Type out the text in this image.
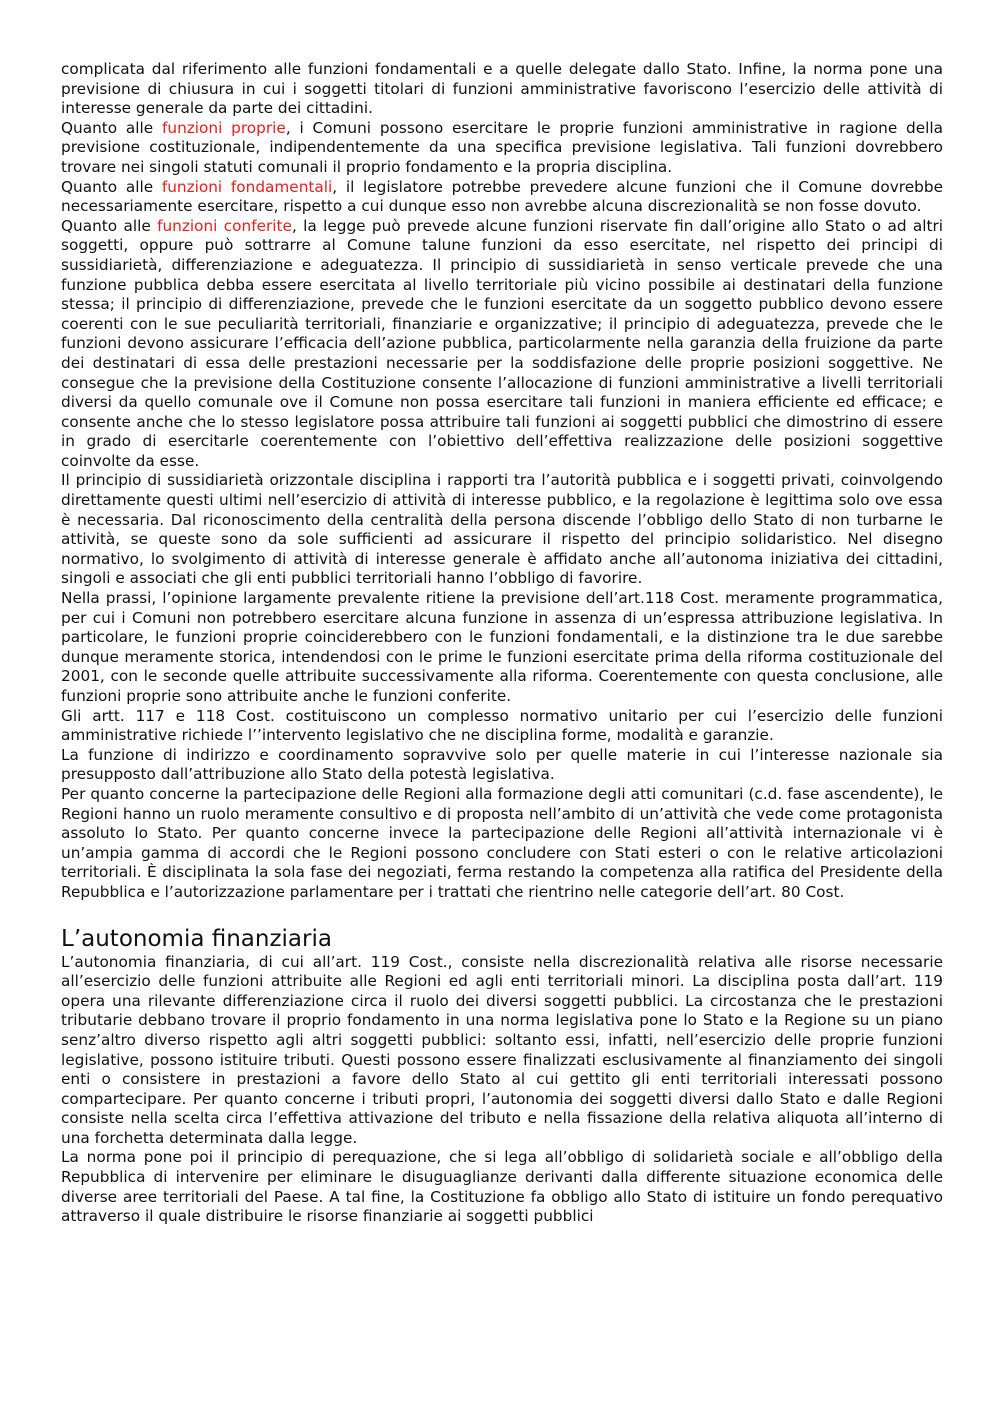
complicata dal riferimento alle funzioni fondamentali e a quelle delegate dallo Stato. Infine, la norma pone una previsione di chiusura in cui i soggetti titolari di funzioni amministrative favoriscono l’esercizio delle attività di interesse generale da parte dei cittadini.

Quanto alle funzioni proprie, i Comuni possono esercitare le proprie funzioni amministrative in ragione della previsione costituzionale, indipendentemente da una specifica previsione legislativa. Tali funzioni dovrebbero trovare nei singoli statuti comunali il proprio fondamento e la propria disciplina.

Quanto alle funzioni fondamentali, il legislatore potrebbe prevedere alcune funzioni che il Comune dovrebbe necessariamente esercitare, rispetto a cui dunque esso non avrebbe alcuna discrezionalità se non fosse dovuto.

Quanto alle funzioni conferite, la legge può prevede alcune funzioni riservate fin dall’origine allo Stato o ad altri soggetti, oppure può sottrarre al Comune talune funzioni da esso esercitate, nel rispetto dei principi di sussidiarietà, differenziazione e adeguatezza. Il principio di sussidiarietà in senso verticale prevede che una funzione pubblica debba essere esercitata al livello territoriale più vicino possibile ai destinatari della funzione stessa; il principio di differenziazione, prevede che le funzioni esercitate da un soggetto pubblico devono essere coerenti con le sue peculiarità territoriali, finanziarie e organizzative; il principio di adeguatezza, prevede che le funzioni devono assicurare l’efficacia dell’azione pubblica, particolarmente nella garanzia della fruizione da parte dei destinatari di essa delle prestazioni necessarie per la soddisfazione delle proprie posizioni soggettive. Ne consegue che la previsione della Costituzione consente l’allocazione di funzioni amministrative a livelli territoriali diversi da quello comunale ove il Comune non possa esercitare tali funzioni in maniera efficiente ed efficace; e consente anche che lo stesso legislatore possa attribuire tali funzioni ai soggetti pubblici che dimostrino di essere in grado di esercitarle coerentemente con l’obiettivo dell’effettiva realizzazione delle posizioni soggettive coinvolte da esse.

Il principio di sussidiarietà orizzontale disciplina i rapporti tra l’autorità pubblica e i soggetti privati, coinvolgendo direttamente questi ultimi nell’esercizio di attività di interesse pubblico, e la regolazione è legittima solo ove essa è necessaria. Dal riconoscimento della centralità della persona discende l’obbligo dello Stato di non turbarne le attività, se queste sono da sole sufficienti ad assicurare il rispetto del principio solidaristico. Nel disegno normativo, lo svolgimento di attività di interesse generale è affidato anche all’autonoma iniziativa dei cittadini, singoli e associati che gli enti pubblici territoriali hanno l’obbligo di favorire.

Nella prassi, l’opinione largamente prevalente ritiene la previsione dell’art.118 Cost. meramente programmatica, per cui i Comuni non potrebbero esercitare alcuna funzione in assenza di un’espressa attribuzione legislativa. In particolare, le funzioni proprie coinciderebbero con le funzioni fondamentali, e la distinzione tra le due sarebbe dunque meramente storica, intendendosi con le prime le funzioni esercitate prima della riforma costituzionale del 2001, con le seconde quelle attribuite successivamente alla riforma. Coerentemente con questa conclusione, alle funzioni proprie sono attribuite anche le funzioni conferite.

Gli artt. 117 e 118 Cost. costituiscono un complesso normativo unitario per cui l’esercizio delle funzioni amministrative richiede l’’intervento legislativo che ne disciplina forme, modalità e garanzie.

La funzione di indirizzo e coordinamento sopravvive solo per quelle materie in cui l’interesse nazionale sia presupposto dall’attribuzione allo Stato della potestà legislativa.

Per quanto concerne la partecipazione delle Regioni alla formazione degli atti comunitari (c.d. fase ascendente), le Regioni hanno un ruolo meramente consultivo e di proposta nell’ambito di un’attività che vede come protagonista assoluto lo Stato. Per quanto concerne invece la partecipazione delle Regioni all’attività internazionale vi è un’ampia gamma di accordi che le Regioni possono concludere con Stati esteri o con le relative articolazioni territoriali. È disciplinata la sola fase dei negoziati, ferma restando la competenza alla ratifica del Presidente della Repubblica e l’autorizzazione parlamentare per i trattati che rientrino nelle categorie dell’art. 80 Cost.

L’autonomia finanziaria

L’autonomia finanziaria, di cui all’art. 119 Cost., consiste nella discrezionalità relativa alle risorse necessarie all’esercizio delle funzioni attribuite alle Regioni ed agli enti territoriali minori. La disciplina posta dall’art. 119 opera una rilevante differenziazione circa il ruolo dei diversi soggetti pubblici. La circostanza che le prestazioni tributarie debbano trovare il proprio fondamento in una norma legislativa pone lo Stato e la Regione su un piano senz’altro diverso rispetto agli altri soggetti pubblici: soltanto essi, infatti, nell’esercizio delle proprie funzioni legislative, possono istituire tributi. Questi possono essere finalizzati esclusivamente al finanziamento dei singoli enti o consistere in prestazioni a favore dello Stato al cui gettito gli enti territoriali interessati possono compartecipare. Per quanto concerne i tributi propri, l’autonomia dei soggetti diversi dallo Stato e dalle Regioni consiste nella scelta circa l’effettiva attivazione del tributo e nella fissazione della relativa aliquota all’interno di una forchetta determinata dalla legge.

La norma pone poi il principio di perequazione, che si lega all’obbligo di solidarietà sociale e all’obbligo della Repubblica di intervenire per eliminare le disuguaglianze derivanti dalla differente situazione economica delle diverse aree territoriali del Paese. A tal fine, la Costituzione fa obbligo allo Stato di istituire un fondo perequativo attraverso il quale distribuire le risorse finanziarie ai soggetti pubblici
